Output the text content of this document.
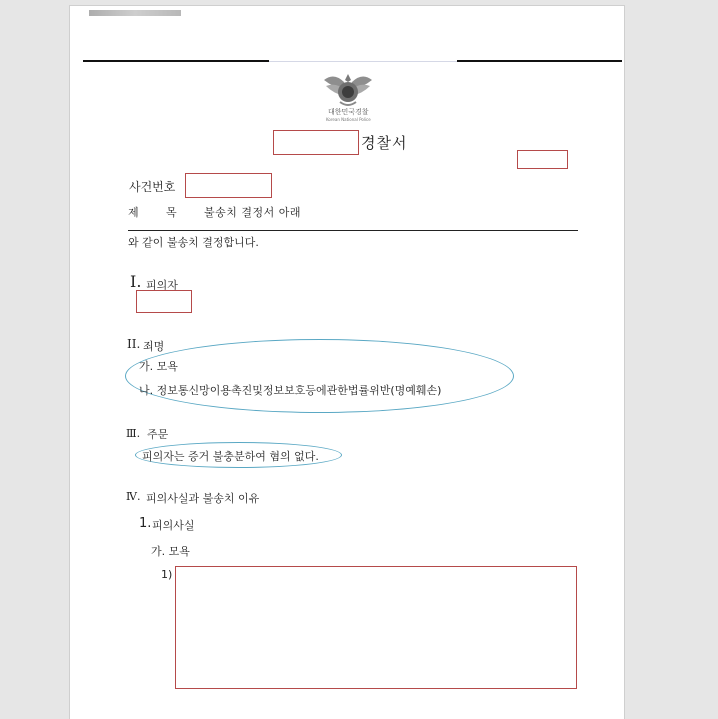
대한민국경찰
Korean National Police
경찰서
사건번호
제 목 불송치 결정서 아래
와 같이 불송치 결정합니다.
I. 피의자
II. 죄명
가. 모욕
나. 정보통신망이용촉진및정보보호등에관한법률위반(명예훼손)
Ⅲ. 주문
피의자는 증거 불충분하여 혐의 없다.
Ⅳ. 피의사실과 불송치 이유
1. 피의사실
가. 모욕
1)
